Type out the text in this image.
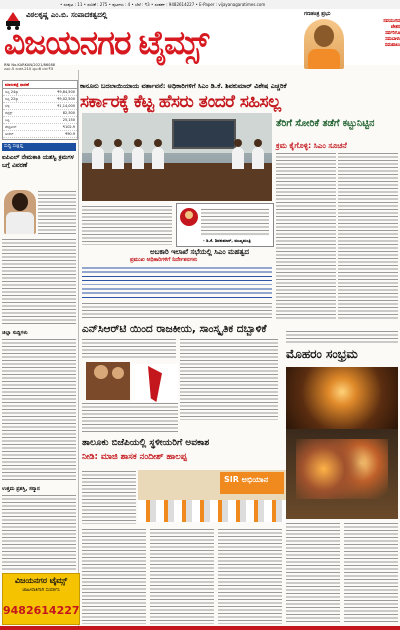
• ಸಂಪುಟ : 11 • ಸಂಚಿಕೆ : 275 • ಪುಟಗಳು : 4 • ಬೆಲೆ : ₹3 • ಸಂಪರ್ಕ : 9482614227 • E-Paper : vijayanagaratimes.com
ವಿಠಲಕೃಷ್ಣ ಎಂ.ಬಿ. ಸಂಪಾದಕತ್ವದಲ್ಲಿ
ವಿಜಯನಗರ ಟೈಮ್ಸ್
RNI No.KARKAN/2021/86088
ವರ್ಷ-5 ಸಂಚಿಕೆ-210 ಪುಟ:6 ಬೆಲೆ:₹3
ಗಣತಂತ್ರ ಪ್ರಭು
ನವಯುಗದ
ಚೇತನ
ಸರ್ವರಿಗೂ
ಸಮಬಾಳು
ಸಮಪಾಲು
ಕಾನೂನು ಬದಲಾಯಿಯಾಯ ವರ್ತಾವನೆ: ಅಧಿಕಾರಿಗಳಿಗೆ ಸಿಎಂ ಡಿ.ಕೆ. ಶಿವಕುಮಾರ್ ವಿಶೇಷ ಎಚ್ಚರಿಕೆ
ಸರ್ಕಾರಕ್ಕೆ ಕೆಟ್ಟ ಹೆಸರು ತಂದರೆ ಸಹಿಸಲ್ಲ
ಮಾರುಕಟ್ಟೆ ಧಾರಣೆ
ಚಿನ್ನ 24ಕ್ಯಾ	₹9,84,500
ಚಿನ್ನ 22ಕ್ಯಾ	₹9,02,500
ಬೆಳ್ಳಿ	₹1,14,000
ಸೆನ್ಸೆಕ್ಸ್	82,500
ನಿಫ್ಟಿ	25,150
ಪೆಟ್ರೋಲ್	₹102.9
ಡೀಸೆಲ್	₹90.9
ಸುದ್ದಿ ಸಂಕ್ಷಿಪ್ತ
ಐಪಿಎಲ್ ನೇಮಕಾತಿ ಯಶಸ್ವಿ ಕ್ರಮಗಳ ಬಗ್ಗೆ ವಿವರಣೆ
ಜಿಲ್ಲಾ ಸುದ್ದಿಗಳು
ಉತ್ತಮ ಪ್ರಶಸ್ತಿ, ಸನ್ಮಾನ
ವಿಜಯನಗರ ಟೈಮ್ಸ್
ಜಾಹೀರಾತಿಗಾಗಿ ಸಂಪರ್ಕಿಸಿ
9482614227
ತೆರಿಗೆ ಸೋರಿಕೆ ತಡೆಗೆ ಕಟ್ಟುನಿಟ್ಟಿನ
ಕ್ರಮ ಕೈಗೊಳ್ಳಿ: ಸಿಎಂ ಸೂಚನೆ
- ಡಿ.ಕೆ. ಶಿವಕುಮಾರ್, ಮುಖ್ಯಮಂತ್ರಿ
ಅಬಕಾರಿ ಇಲಾಖೆ ಸಭೆಯಲ್ಲಿ ಸಿಎಂ ಮಹತ್ವದ
ಪ್ರಮುಖ ಅಧಿಕಾರಿಗಳಿಗೆ ನಿರ್ದೇಶನಗಳು
ಎನ್‌ಸಿಆರ್‌ಟಿ ಯಿಂದ ರಾಜಕೀಯ, ಸಾಂಸ್ಕೃತಿಕ ದಬ್ಬಾಳಿಕೆ
ಮೊಹರಂ ಸಂಭ್ರಮ
ತಾಲೂಕು ಬಿಜೆಪಿಯಲ್ಲಿ ಸ್ಥಳೀಯರಿಗೆ ಅವಕಾಶ
ನೀಡಿ: ಮಾಜಿ ಶಾಸಕ ನಂದೀಶ್ ಹಾಲಪ್ಪ
SIR ಅಭಿಯಾನ
